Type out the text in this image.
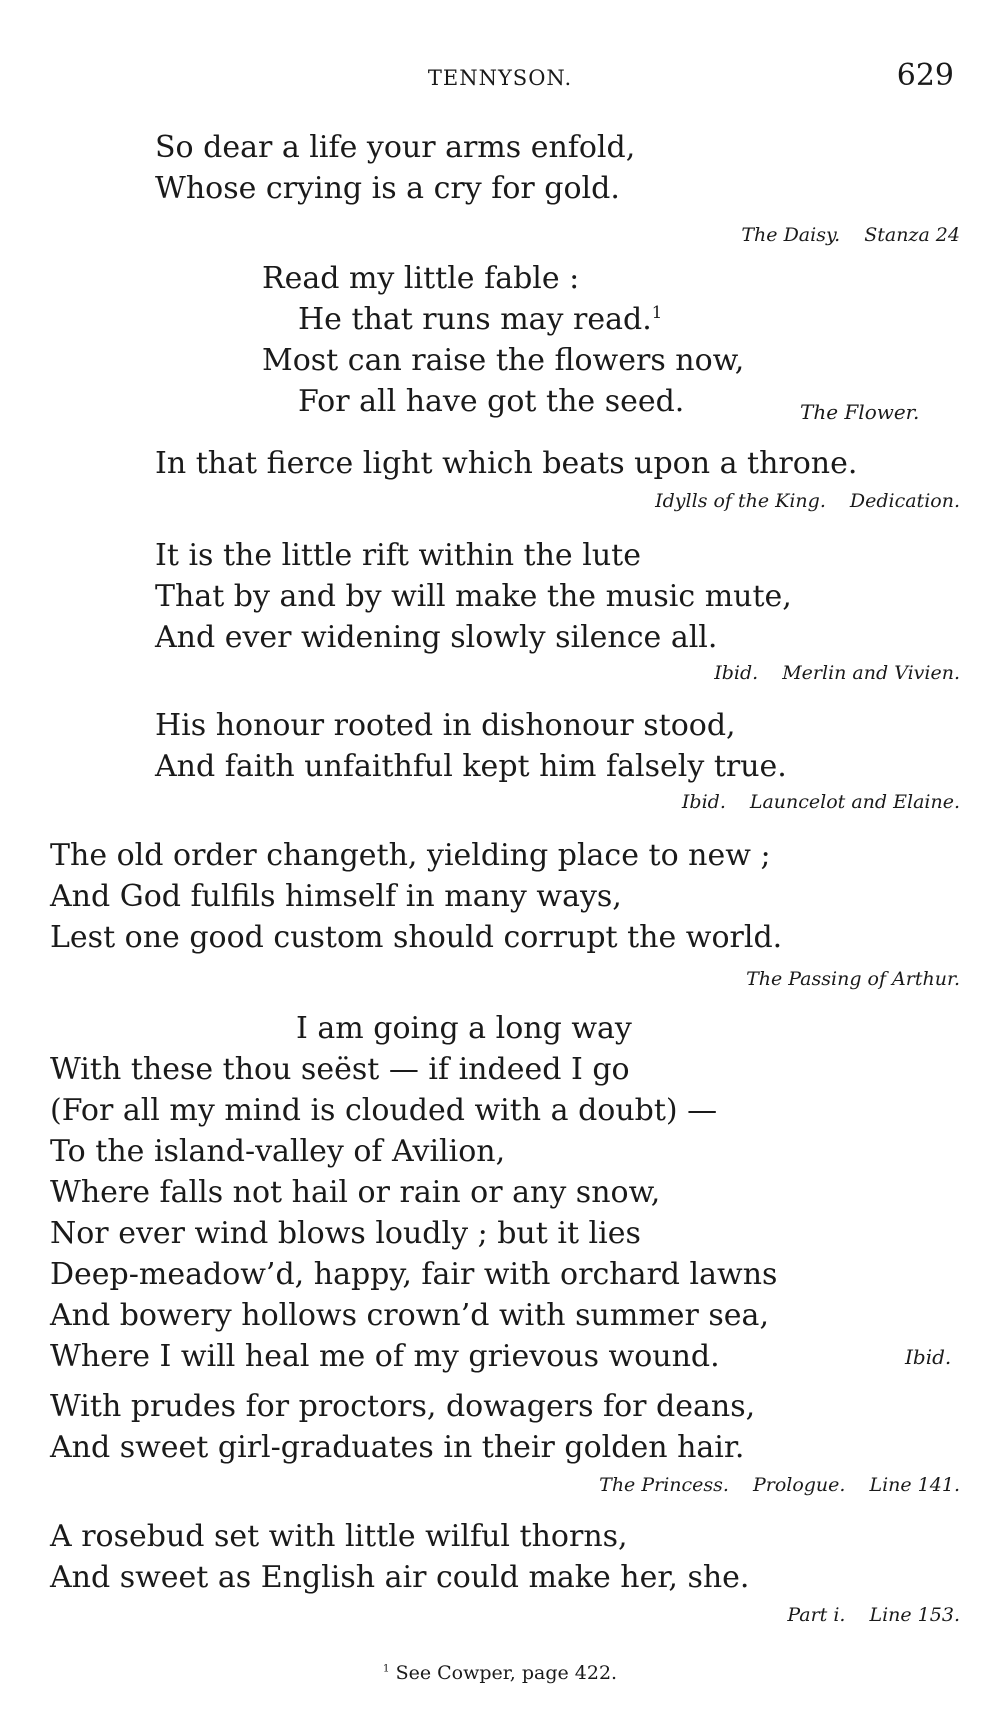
TENNYSON.	629
So dear a life your arms enfold,
Whose crying is a cry for gold.
The Daisy. Stanza 24
Read my little fable :
He that runs may read.$^1$
Most can raise the flowers now,
For all have got the seed.	The Flower.
In that fierce light which beats upon a throne.
Idylls of the King. Dedication.
It is the little rift within the lute
That by and by will make the music mute,
And ever widening slowly silence all.
Ibid. Merlin and Vivien.
His honour rooted in dishonour stood,
And faith unfaithful kept him falsely true.
Ibid. Launcelot and Elaine.
The old order changeth, yielding place to new ;
And God fulfils himself in many ways,
Lest one good custom should corrupt the world.
The Passing of Arthur.
I am going a long way
With these thou seëst — if indeed I go
(For all my mind is clouded with a doubt) —
To the island-valley of Avilion,
Where falls not hail or rain or any snow,
Nor ever wind blows loudly ; but it lies
Deep-meadow’d, happy, fair with orchard lawns
And bowery hollows crown’d with summer sea,
Where I will heal me of my grievous wound.	Ibid.
With prudes for proctors, dowagers for deans,
And sweet girl-graduates in their golden hair.
The Princess. Prologue. Line 141.
A rosebud set with little wilful thorns,
And sweet as English air could make her, she.
Part i. Line 153.
$^1$ See Cowper, page 422.
